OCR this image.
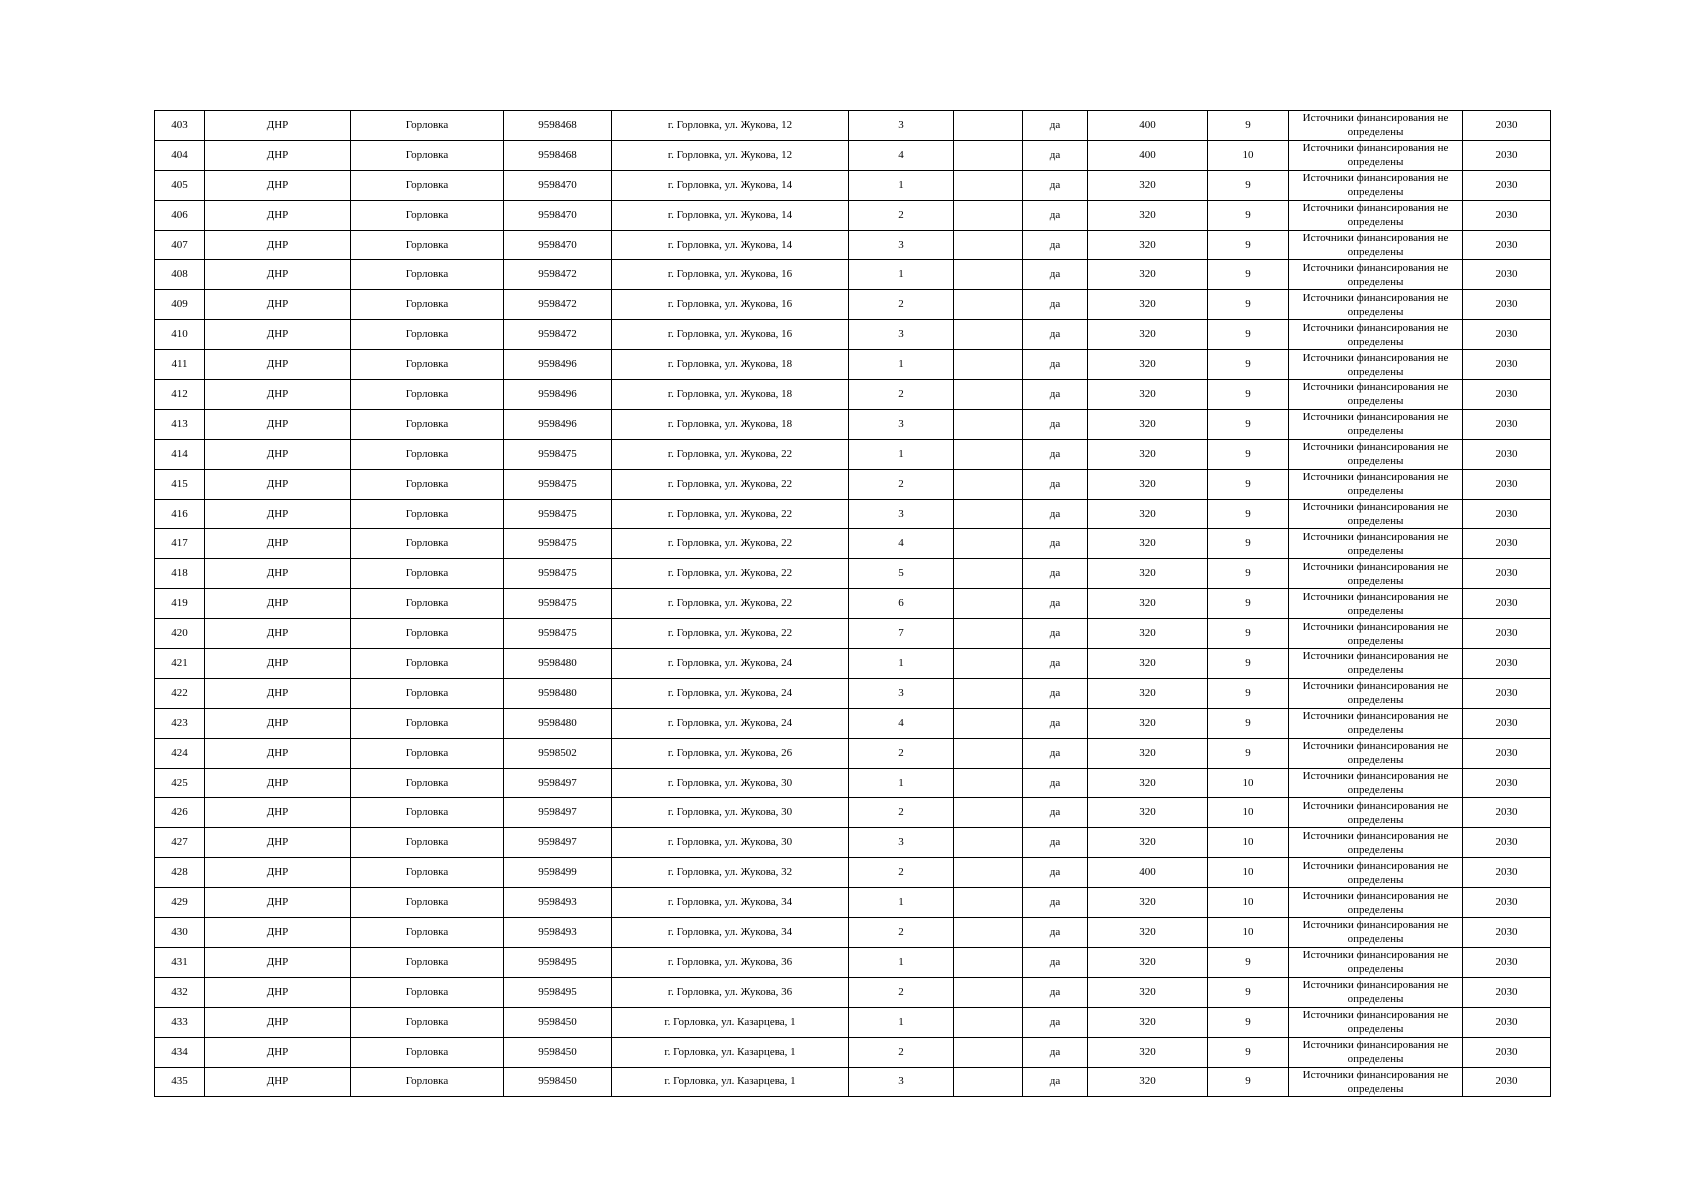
403	ДНР	Горловка	9598468	г. Горловка, ул. Жукова, 12	3		да	400	9	Источники финансирования не определены	2030
404	ДНР	Горловка	9598468	г. Горловка, ул. Жукова, 12	4		да	400	10	Источники финансирования не определены	2030
405	ДНР	Горловка	9598470	г. Горловка, ул. Жукова, 14	1		да	320	9	Источники финансирования не определены	2030
406	ДНР	Горловка	9598470	г. Горловка, ул. Жукова, 14	2		да	320	9	Источники финансирования не определены	2030
407	ДНР	Горловка	9598470	г. Горловка, ул. Жукова, 14	3		да	320	9	Источники финансирования не определены	2030
408	ДНР	Горловка	9598472	г. Горловка, ул. Жукова, 16	1		да	320	9	Источники финансирования не определены	2030
409	ДНР	Горловка	9598472	г. Горловка, ул. Жукова, 16	2		да	320	9	Источники финансирования не определены	2030
410	ДНР	Горловка	9598472	г. Горловка, ул. Жукова, 16	3		да	320	9	Источники финансирования не определены	2030
411	ДНР	Горловка	9598496	г. Горловка, ул. Жукова, 18	1		да	320	9	Источники финансирования не определены	2030
412	ДНР	Горловка	9598496	г. Горловка, ул. Жукова, 18	2		да	320	9	Источники финансирования не определены	2030
413	ДНР	Горловка	9598496	г. Горловка, ул. Жукова, 18	3		да	320	9	Источники финансирования не определены	2030
414	ДНР	Горловка	9598475	г. Горловка, ул. Жукова, 22	1		да	320	9	Источники финансирования не определены	2030
415	ДНР	Горловка	9598475	г. Горловка, ул. Жукова, 22	2		да	320	9	Источники финансирования не определены	2030
416	ДНР	Горловка	9598475	г. Горловка, ул. Жукова, 22	3		да	320	9	Источники финансирования не определены	2030
417	ДНР	Горловка	9598475	г. Горловка, ул. Жукова, 22	4		да	320	9	Источники финансирования не определены	2030
418	ДНР	Горловка	9598475	г. Горловка, ул. Жукова, 22	5		да	320	9	Источники финансирования не определены	2030
419	ДНР	Горловка	9598475	г. Горловка, ул. Жукова, 22	6		да	320	9	Источники финансирования не определены	2030
420	ДНР	Горловка	9598475	г. Горловка, ул. Жукова, 22	7		да	320	9	Источники финансирования не определены	2030
421	ДНР	Горловка	9598480	г. Горловка, ул. Жукова, 24	1		да	320	9	Источники финансирования не определены	2030
422	ДНР	Горловка	9598480	г. Горловка, ул. Жукова, 24	3		да	320	9	Источники финансирования не определены	2030
423	ДНР	Горловка	9598480	г. Горловка, ул. Жукова, 24	4		да	320	9	Источники финансирования не определены	2030
424	ДНР	Горловка	9598502	г. Горловка, ул. Жукова, 26	2		да	320	9	Источники финансирования не определены	2030
425	ДНР	Горловка	9598497	г. Горловка, ул. Жукова, 30	1		да	320	10	Источники финансирования не определены	2030
426	ДНР	Горловка	9598497	г. Горловка, ул. Жукова, 30	2		да	320	10	Источники финансирования не определены	2030
427	ДНР	Горловка	9598497	г. Горловка, ул. Жукова, 30	3		да	320	10	Источники финансирования не определены	2030
428	ДНР	Горловка	9598499	г. Горловка, ул. Жукова, 32	2		да	400	10	Источники финансирования не определены	2030
429	ДНР	Горловка	9598493	г. Горловка, ул. Жукова, 34	1		да	320	10	Источники финансирования не определены	2030
430	ДНР	Горловка	9598493	г. Горловка, ул. Жукова, 34	2		да	320	10	Источники финансирования не определены	2030
431	ДНР	Горловка	9598495	г. Горловка, ул. Жукова, 36	1		да	320	9	Источники финансирования не определены	2030
432	ДНР	Горловка	9598495	г. Горловка, ул. Жукова, 36	2		да	320	9	Источники финансирования не определены	2030
433	ДНР	Горловка	9598450	г. Горловка, ул. Казарцева, 1	1		да	320	9	Источники финансирования не определены	2030
434	ДНР	Горловка	9598450	г. Горловка, ул. Казарцева, 1	2		да	320	9	Источники финансирования не определены	2030
435	ДНР	Горловка	9598450	г. Горловка, ул. Казарцева, 1	3		да	320	9	Источники финансирования не определены	2030
